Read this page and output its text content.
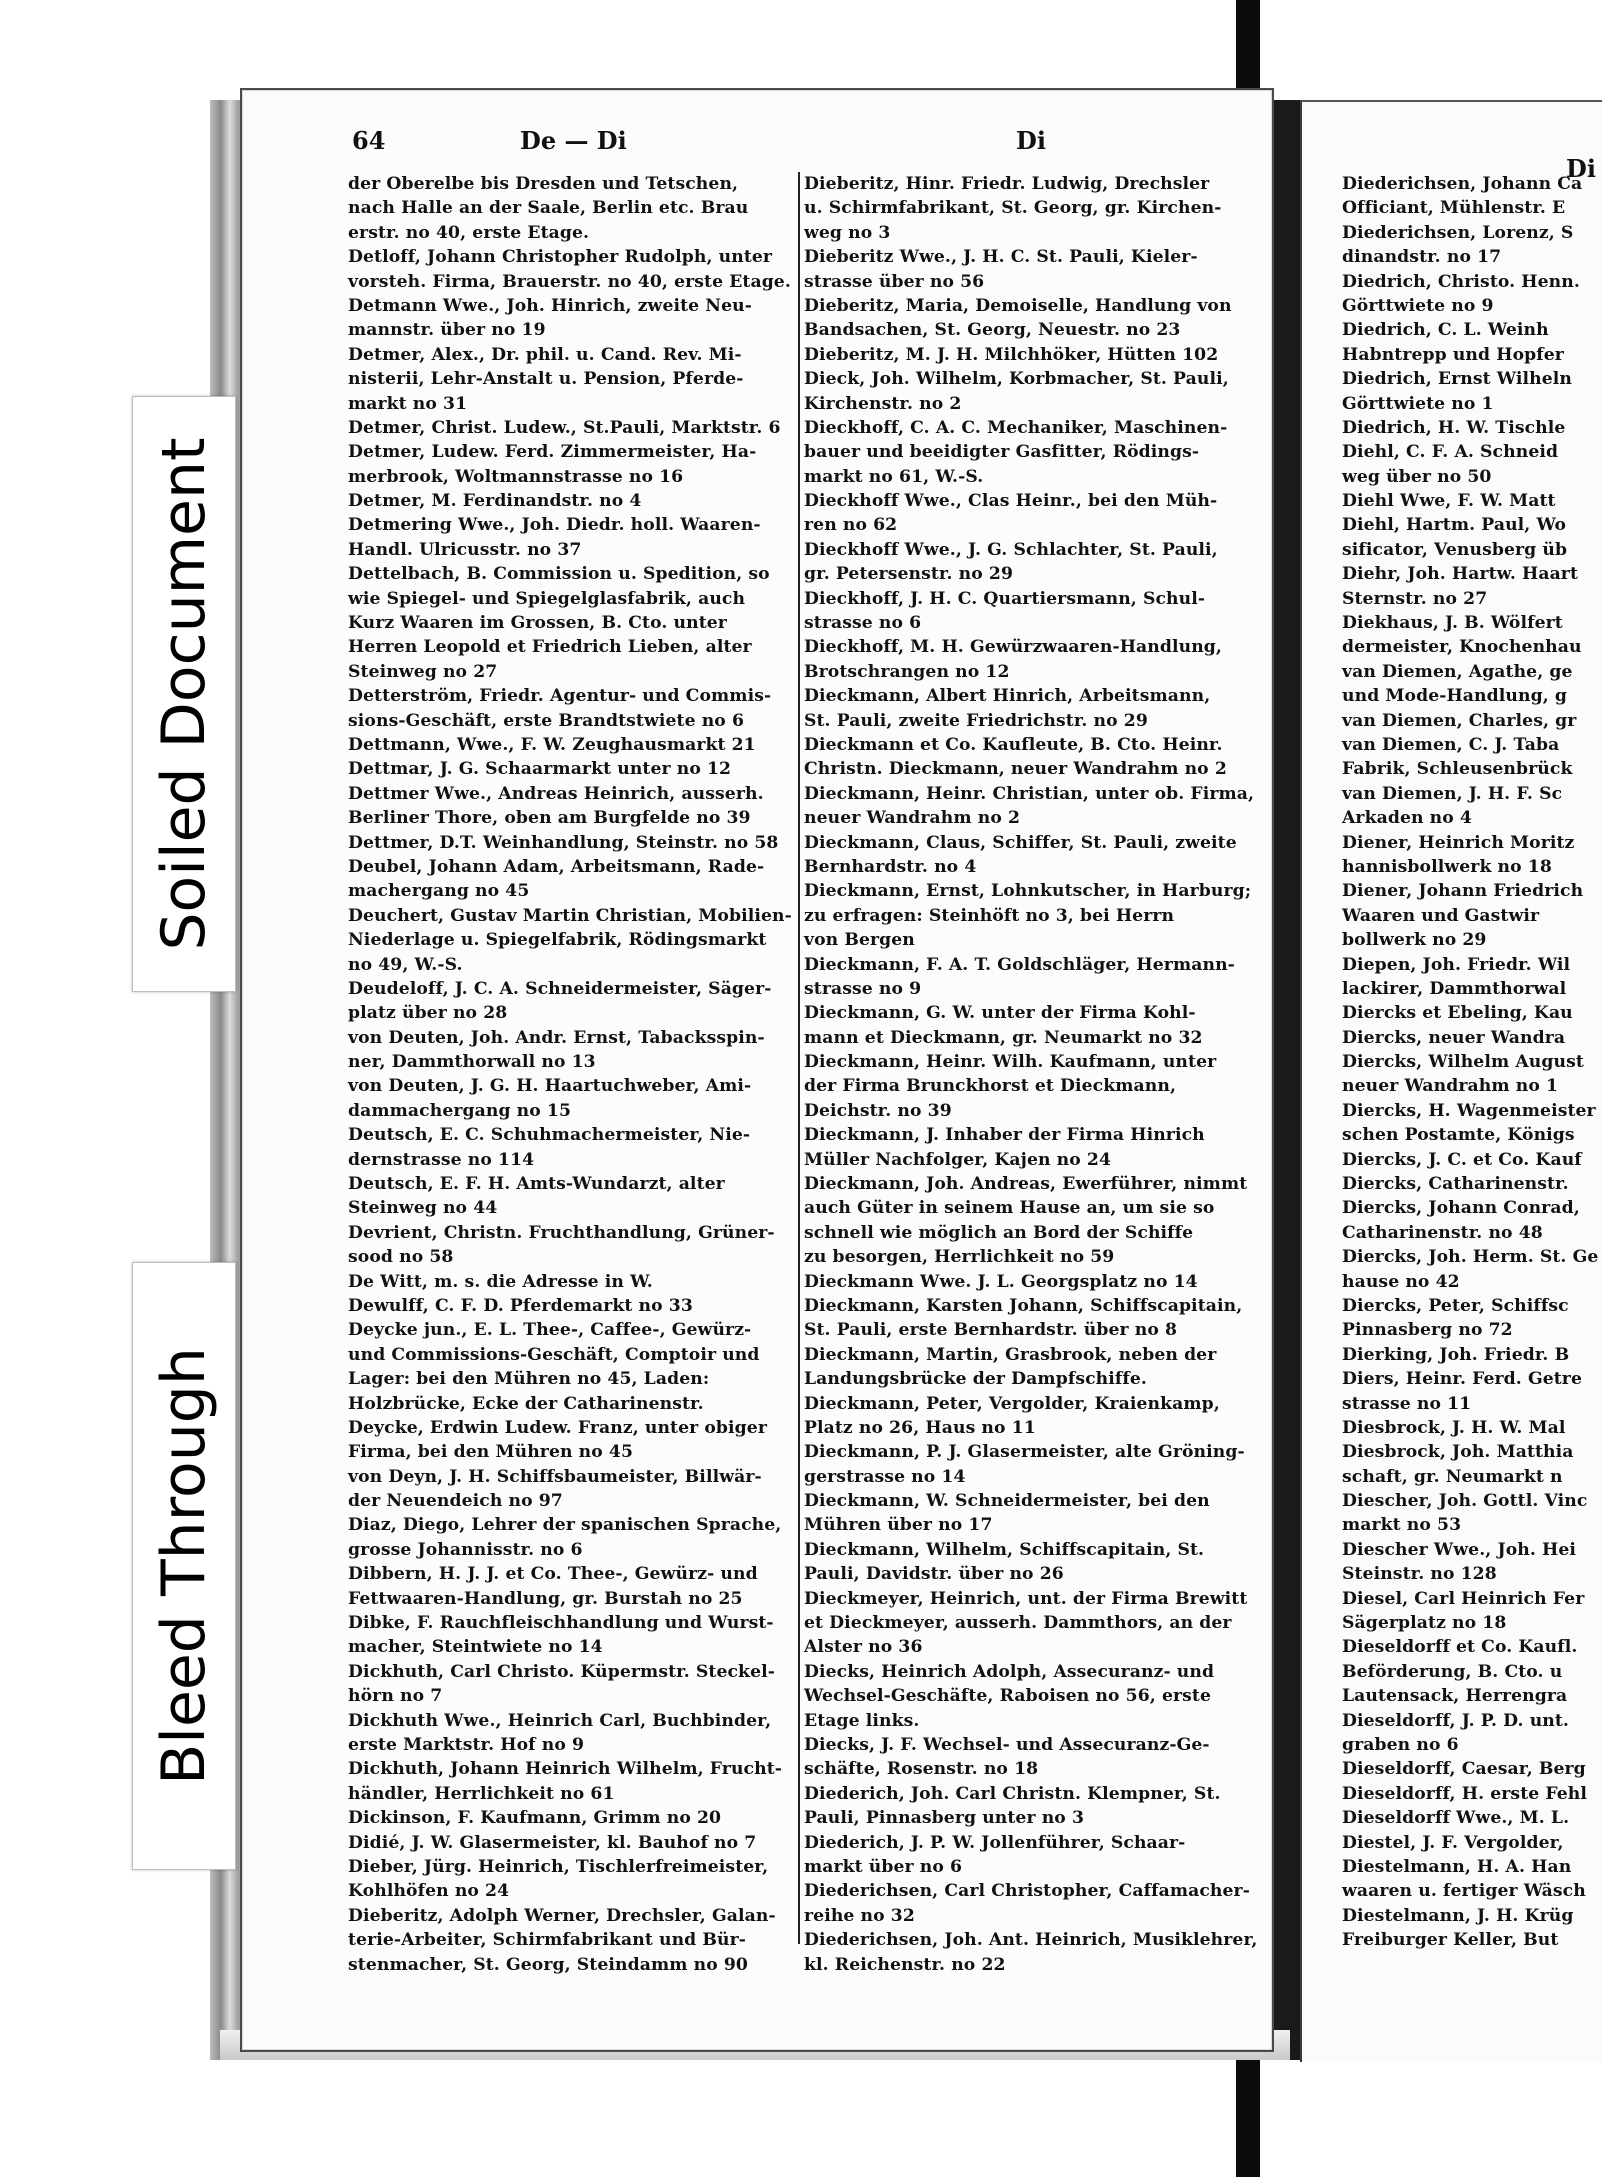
Soiled Document
Bleed Through
64	De — Di	Di
Di
der Oberelbe bis Dresden und Tetschen,
nach Halle an der Saale, Berlin etc. Brau
erstr. no 40, erste Etage.
Detloff, Johann Christopher Rudolph, unter
vorsteh. Firma, Brauerstr. no 40, erste Etage.
Detmann Wwe., Joh. Hinrich, zweite Neu-
mannstr. über no 19
Detmer, Alex., Dr. phil. u. Cand. Rev. Mi-
nisterii, Lehr-Anstalt u. Pension, Pferde-
markt no 31
Detmer, Christ. Ludew., St.Pauli, Marktstr. 6
Detmer, Ludew. Ferd. Zimmermeister, Ha-
merbrook, Woltmannstrasse no 16
Detmer, M. Ferdinandstr. no 4
Detmering Wwe., Joh. Diedr. holl. Waaren-
Handl. Ulricusstr. no 37
Dettelbach, B. Commission u. Spedition, so
wie Spiegel- und Spiegelglasfabrik, auch
Kurz Waaren im Grossen, B. Cto. unter
Herren Leopold et Friedrich Lieben, alter
Steinweg no 27
Detterström, Friedr. Agentur- und Commis-
sions-Geschäft, erste Brandtstwiete no 6
Dettmann, Wwe., F. W. Zeughausmarkt 21
Dettmar, J. G. Schaarmarkt unter no 12
Dettmer Wwe., Andreas Heinrich, ausserh.
Berliner Thore, oben am Burgfelde no 39
Dettmer, D.T. Weinhandlung, Steinstr. no 58
Deubel, Johann Adam, Arbeitsmann, Rade-
machergang no 45
Deuchert, Gustav Martin Christian, Mobilien-
Niederlage u. Spiegelfabrik, Rödingsmarkt
no 49, W.-S.
Deudeloff, J. C. A. Schneidermeister, Säger-
platz über no 28
von Deuten, Joh. Andr. Ernst, Tabacksspin-
ner, Dammthorwall no 13
von Deuten, J. G. H. Haartuchweber, Ami-
dammachergang no 15
Deutsch, E. C. Schuhmachermeister, Nie-
dernstrasse no 114
Deutsch, E. F. H. Amts-Wundarzt, alter
Steinweg no 44
Devrient, Christn. Fruchthandlung, Grüner-
sood no 58
De Witt, m. s. die Adresse in W.
Dewulff, C. F. D. Pferdemarkt no 33
Deycke jun., E. L. Thee-, Caffee-, Gewürz-
und Commissions-Geschäft, Comptoir und
Lager: bei den Mühren no 45, Laden:
Holzbrücke, Ecke der Catharinenstr.
Deycke, Erdwin Ludew. Franz, unter obiger
Firma, bei den Mühren no 45
von Deyn, J. H. Schiffsbaumeister, Billwär-
der Neuendeich no 97
Diaz, Diego, Lehrer der spanischen Sprache,
grosse Johannisstr. no 6
Dibbern, H. J. J. et Co. Thee-, Gewürz- und
Fettwaaren-Handlung, gr. Burstah no 25
Dibke, F. Rauchfleischhandlung und Wurst-
macher, Steintwiete no 14
Dickhuth, Carl Christo. Küpermstr. Steckel-
hörn no 7
Dickhuth Wwe., Heinrich Carl, Buchbinder,
erste Marktstr. Hof no 9
Dickhuth, Johann Heinrich Wilhelm, Frucht-
händler, Herrlichkeit no 61
Dickinson, F. Kaufmann, Grimm no 20
Didié, J. W. Glasermeister, kl. Bauhof no 7
Dieber, Jürg. Heinrich, Tischlerfreimeister,
Kohlhöfen no 24
Dieberitz, Adolph Werner, Drechsler, Galan-
terie-Arbeiter, Schirmfabrikant und Bür-
stenmacher, St. Georg, Steindamm no 90
Dieberitz, Hinr. Friedr. Ludwig, Drechsler
u. Schirmfabrikant, St. Georg, gr. Kirchen-
weg no 3
Dieberitz Wwe., J. H. C. St. Pauli, Kieler-
strasse über no 56
Dieberitz, Maria, Demoiselle, Handlung von
Bandsachen, St. Georg, Neuestr. no 23
Dieberitz, M. J. H. Milchhöker, Hütten 102
Dieck, Joh. Wilhelm, Korbmacher, St. Pauli,
Kirchenstr. no 2
Dieckhoff, C. A. C. Mechaniker, Maschinen-
bauer und beeidigter Gasfitter, Rödings-
markt no 61, W.-S.
Dieckhoff Wwe., Clas Heinr., bei den Müh-
ren no 62
Dieckhoff Wwe., J. G. Schlachter, St. Pauli,
gr. Petersenstr. no 29
Dieckhoff, J. H. C. Quartiersmann, Schul-
strasse no 6
Dieckhoff, M. H. Gewürzwaaren-Handlung,
Brotschrangen no 12
Dieckmann, Albert Hinrich, Arbeitsmann,
St. Pauli, zweite Friedrichstr. no 29
Dieckmann et Co. Kaufleute, B. Cto. Heinr.
Christn. Dieckmann, neuer Wandrahm no 2
Dieckmann, Heinr. Christian, unter ob. Firma,
neuer Wandrahm no 2
Dieckmann, Claus, Schiffer, St. Pauli, zweite
Bernhardstr. no 4
Dieckmann, Ernst, Lohnkutscher, in Harburg;
zu erfragen: Steinhöft no 3, bei Herrn
von Bergen
Dieckmann, F. A. T. Goldschläger, Hermann-
strasse no 9
Dieckmann, G. W. unter der Firma Kohl-
mann et Dieckmann, gr. Neumarkt no 32
Dieckmann, Heinr. Wilh. Kaufmann, unter
der Firma Brunckhorst et Dieckmann,
Deichstr. no 39
Dieckmann, J. Inhaber der Firma Hinrich
Müller Nachfolger, Kajen no 24
Dieckmann, Joh. Andreas, Ewerführer, nimmt
auch Güter in seinem Hause an, um sie so
schnell wie möglich an Bord der Schiffe
zu besorgen, Herrlichkeit no 59
Dieckmann Wwe. J. L. Georgsplatz no 14
Dieckmann, Karsten Johann, Schiffscapitain,
St. Pauli, erste Bernhardstr. über no 8
Dieckmann, Martin, Grasbrook, neben der
Landungsbrücke der Dampfschiffe.
Dieckmann, Peter, Vergolder, Kraienkamp,
Platz no 26, Haus no 11
Dieckmann, P. J. Glasermeister, alte Gröning-
gerstrasse no 14
Dieckmann, W. Schneidermeister, bei den
Mühren über no 17
Dieckmann, Wilhelm, Schiffscapitain, St.
Pauli, Davidstr. über no 26
Dieckmeyer, Heinrich, unt. der Firma Brewitt
et Dieckmeyer, ausserh. Dammthors, an der
Alster no 36
Diecks, Heinrich Adolph, Assecuranz- und
Wechsel-Geschäfte, Raboisen no 56, erste
Etage links.
Diecks, J. F. Wechsel- und Assecuranz-Ge-
schäfte, Rosenstr. no 18
Diederich, Joh. Carl Christn. Klempner, St.
Pauli, Pinnasberg unter no 3
Diederich, J. P. W. Jollenführer, Schaar-
markt über no 6
Diederichsen, Carl Christopher, Caffamacher-
reihe no 32
Diederichsen, Joh. Ant. Heinrich, Musiklehrer,
kl. Reichenstr. no 22
Diederichsen, Johann Ca
Officiant, Mühlenstr. E
Diederichsen, Lorenz, S
dinandstr. no 17
Diedrich, Christo. Henn.
Görttwiete no 9
Diedrich, C. L. Weinh
Habntrepp und Hopfer
Diedrich, Ernst Wilheln
Görttwiete no 1
Diedrich, H. W. Tischle
Diehl, C. F. A. Schneid
weg über no 50
Diehl Wwe, F. W. Matt
Diehl, Hartm. Paul, Wo
sificator, Venusberg üb
Diehr, Joh. Hartw. Haart
Sternstr. no 27
Diekhaus, J. B. Wölfert
dermeister, Knochenhau
van Diemen, Agathe, ge
und Mode-Handlung, g
van Diemen, Charles, gr
van Diemen, C. J. Taba
Fabrik, Schleusenbrück
van Diemen, J. H. F. Sc
Arkaden no 4
Diener, Heinrich Moritz
hannisbollwerk no 18
Diener, Johann Friedrich
Waaren und Gastwir
bollwerk no 29
Diepen, Joh. Friedr. Wil
lackirer, Dammthorwal
Diercks et Ebeling, Kau
Diercks, neuer Wandra
Diercks, Wilhelm August
neuer Wandrahm no 1
Diercks, H. Wagenmeister
schen Postamte, Königs
Diercks, J. C. et Co. Kauf
Diercks, Catharinenstr.
Diercks, Johann Conrad,
Catharinenstr. no 48
Diercks, Joh. Herm. St. Ge
hause no 42
Diercks, Peter, Schiffsc
Pinnasberg no 72
Dierking, Joh. Friedr. B
Diers, Heinr. Ferd. Getre
strasse no 11
Diesbrock, J. H. W. Mal
Diesbrock, Joh. Matthia
schaft, gr. Neumarkt n
Diescher, Joh. Gottl. Vinc
markt no 53
Diescher Wwe., Joh. Hei
Steinstr. no 128
Diesel, Carl Heinrich Fer
Sägerplatz no 18
Dieseldorff et Co. Kaufl.
Beförderung, B. Cto. u
Lautensack, Herrengra
Dieseldorff, J. P. D. unt.
graben no 6
Dieseldorff, Caesar, Berg
Dieseldorff, H. erste Fehl
Dieseldorff Wwe., M. L.
Diestel, J. F. Vergolder,
Diestelmann, H. A. Han
waaren u. fertiger Wäsch
Diestelmann, J. H. Krüg
Freiburger Keller, But
